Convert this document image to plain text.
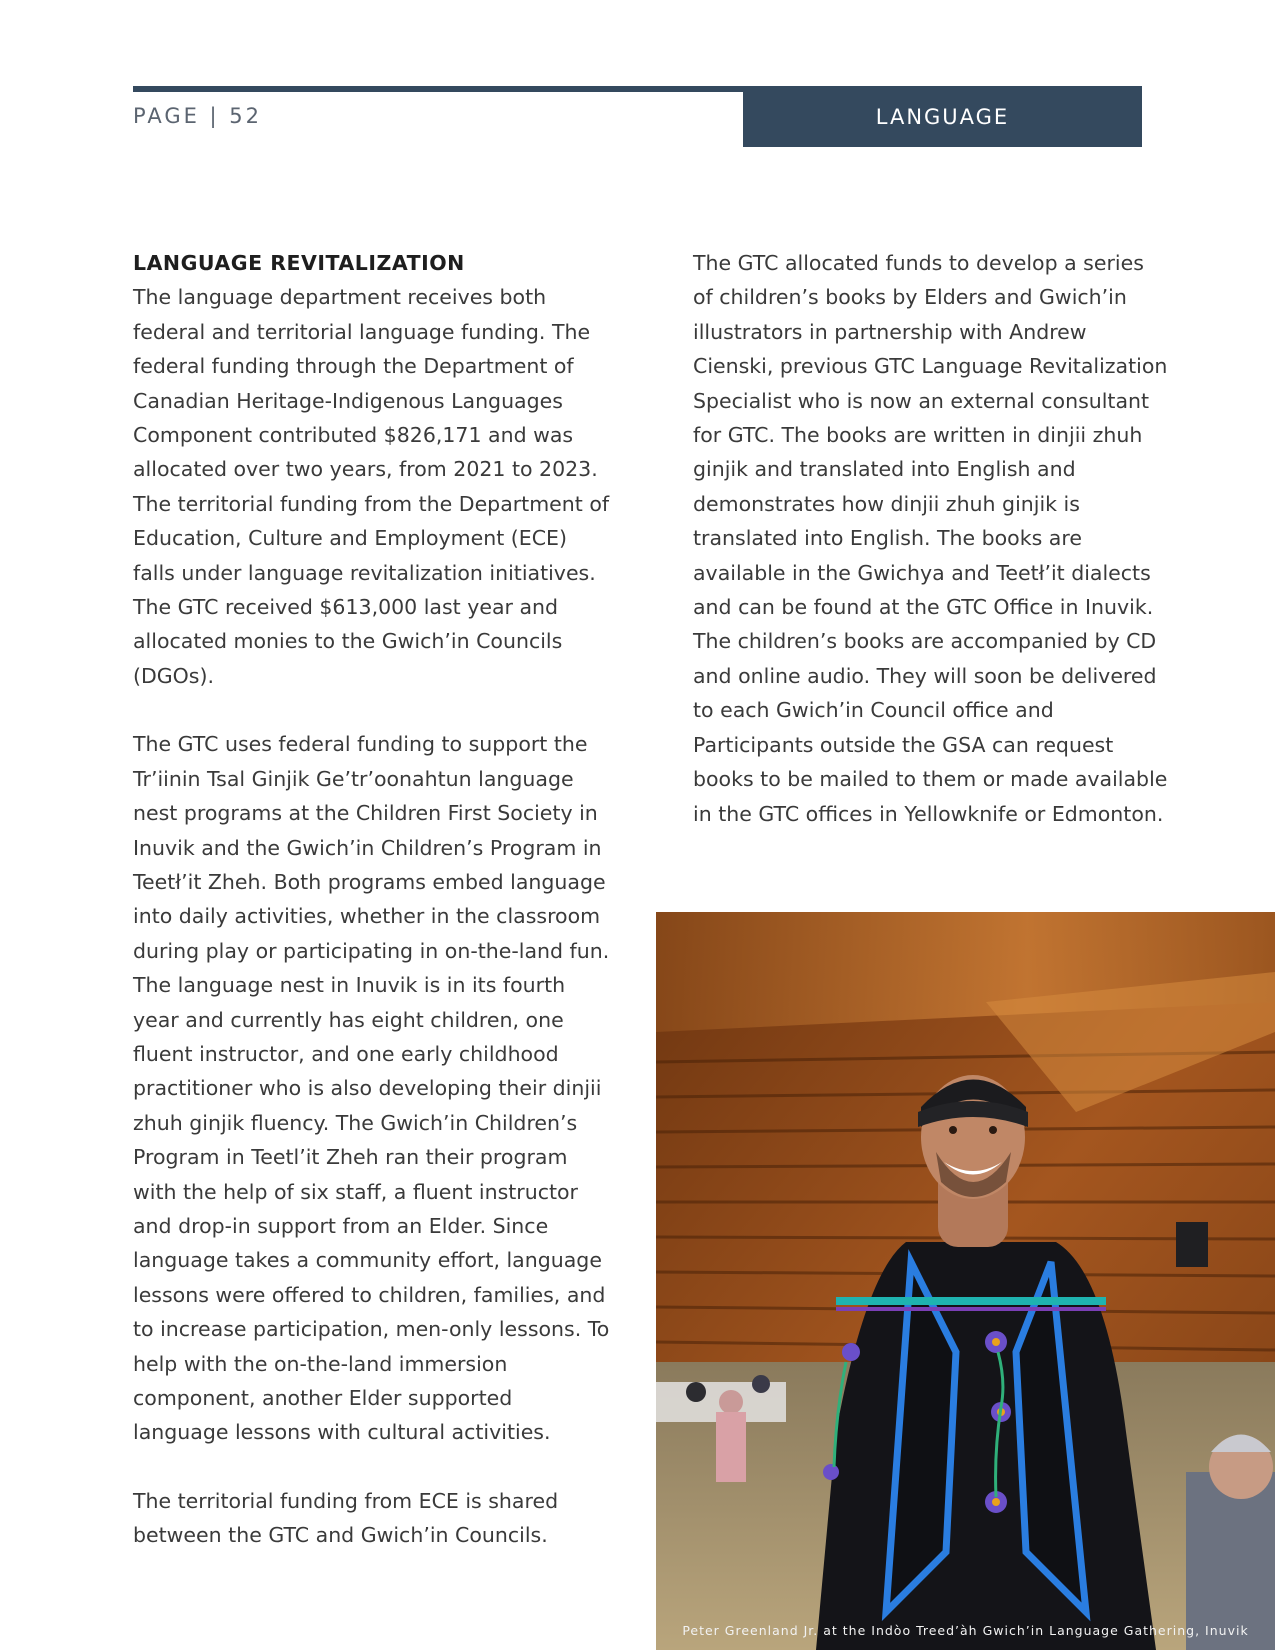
LANGUAGE
PAGE | 52
LANGUAGE REVITALIZATION

The language department receives both federal and territorial language funding. The federal funding through the Department of Canadian Heritage-Indigenous Languages Component contributed $826,171 and was allocated over two years, from 2021 to 2023. The territorial funding from the Department of Education, Culture and Employment (ECE) falls under language revitalization initiatives. The GTC received $613,000 last year and allocated monies to the Gwich’in Councils (DGOs).

The GTC uses federal funding to support the Tr’iinin Tsal Ginjik Ge’tr’oonahtun language nest programs at the Children First Society in Inuvik and the Gwich’in Children’s Program in Teetł’it Zheh. Both programs embed language into daily activities, whether in the classroom during play or participating in on-the-land fun. The language nest in Inuvik is in its fourth year and currently has eight children, one fluent instructor, and one early childhood practitioner who is also developing their dinjii zhuh ginjik fluency. The Gwich’in Children’s Program in Teetl’it Zheh ran their program with the help of six staff, a fluent instructor and drop-in support from an Elder. Since language takes a community effort, language lessons were offered to children, families, and to increase participation, men-only lessons. To help with the on-the-land immersion component, another Elder supported language lessons with cultural activities.

The territorial funding from ECE is shared between the GTC and Gwich’in Councils.

The GTC allocated funds to develop a series of children’s books by Elders and Gwich’in illustrators in partnership with Andrew Cienski, previous GTC Language Revitalization Specialist who is now an external consultant for GTC. The books are written in dinjii zhuh ginjik and translated into English and demonstrates how dinjii zhuh ginjik is translated into English. The books are available in the Gwichya and Teetł’it dialects and can be found at the GTC Office in Inuvik. The children’s books are accompanied by CD and online audio. They will soon be delivered to each Gwich’in Council office and Participants outside the GSA can request books to be mailed to them or made available in the GTC offices in Yellowknife or Edmonton.

Peter Greenland Jr. at the Indòo Treed’àh Gwich’in Language Gathering, Inuvik
